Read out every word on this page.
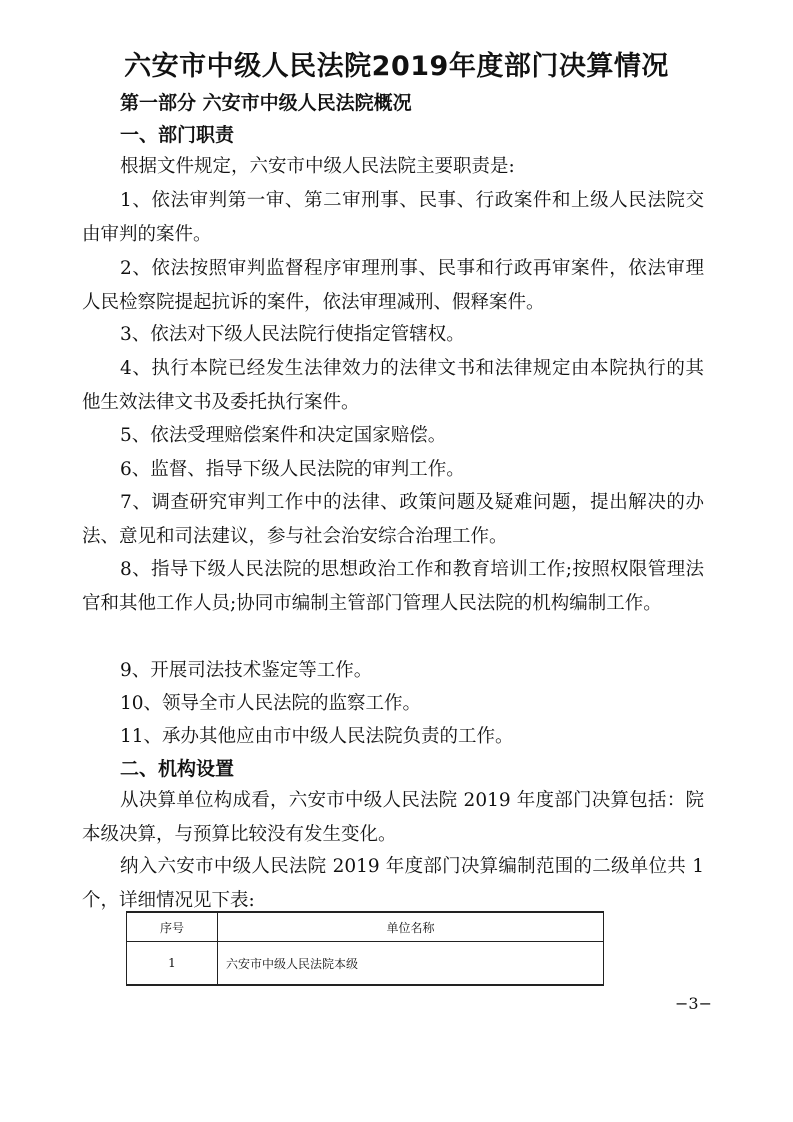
六安市中级人民法院2019年度部门决算情况
第一部分 六安市中级人民法院概况
一、部门职责

根据文件规定，六安市中级人民法院主要职责是:

1、依法审判第一审、第二审刑事、民事、行政案件和上级人民法院交由审判的案件。

2、依法按照审判监督程序审理刑事、民事和行政再审案件，依法审理人民检察院提起抗诉的案件，依法审理减刑、假释案件。

3、依法对下级人民法院行使指定管辖权。

4、执行本院已经发生法律效力的法律文书和法律规定由本院执行的其他生效法律文书及委托执行案件。

5、依法受理赔偿案件和决定国家赔偿。

6、监督、指导下级人民法院的审判工作。

7、调查研究审判工作中的法律、政策问题及疑难问题，提出解决的办法、意见和司法建议，参与社会治安综合治理工作。

8、指导下级人民法院的思想政治工作和教育培训工作;按照权限管理法官和其他工作人员;协同市编制主管部门管理人民法院的机构编制工作。

9、开展司法技术鉴定等工作。

10、领导全市人民法院的监察工作。

11、承办其他应由市中级人民法院负责的工作。

二、机构设置

从决算单位构成看，六安市中级人民法院 2019 年度部门决算包括：院本级决算，与预算比较没有发生变化。

纳入六安市中级人民法院 2019 年度部门决算编制范围的二级单位共 1 个，详细情况见下表:

序号	单位名称
1	六安市中级人民法院本级
−3−
